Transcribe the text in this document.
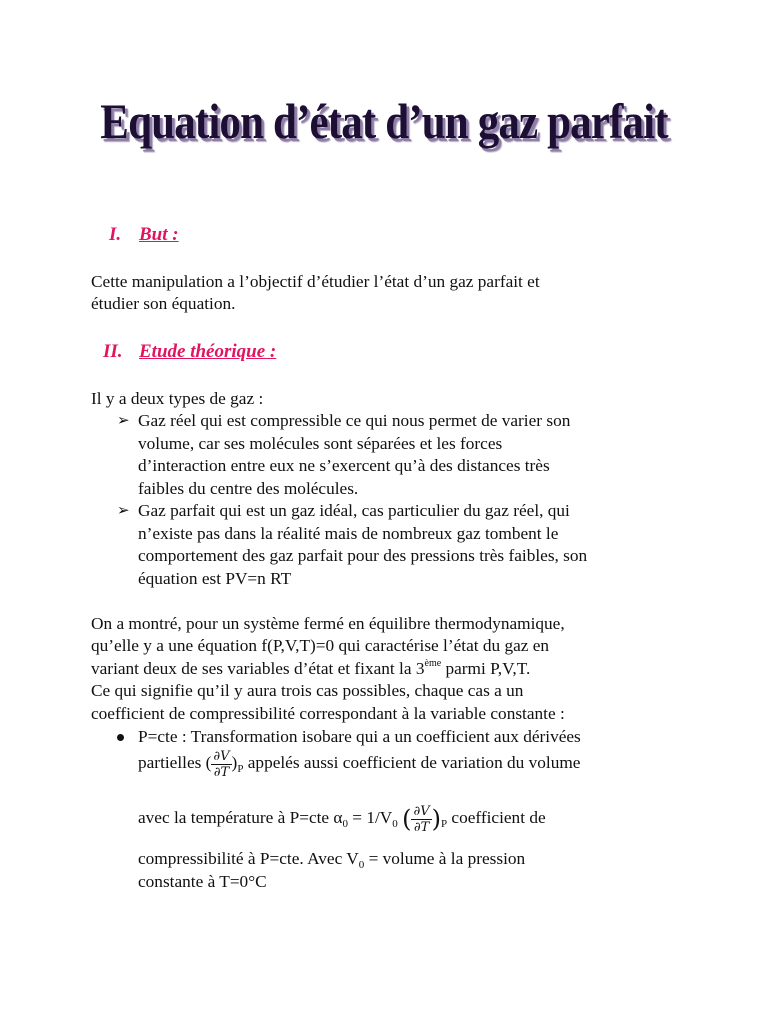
Equation d’état d’un gaz parfait
I. But :
Cette manipulation a l’objectif d’étudier l’état d’un gaz parfait et
étudier son équation.
II. Etude théorique :
Il y a deux types de gaz :
➢ Gaz réel qui est compressible ce qui nous permet de varier son
volume, car ses molécules sont séparées et les forces
d’interaction entre eux ne s’exercent qu’à des distances très
faibles du centre des molécules.
➢ Gaz parfait qui est un gaz idéal, cas particulier du gaz réel, qui
n’existe pas dans la réalité mais de nombreux gaz tombent le
comportement des gaz parfait pour des pressions très faibles, son
équation est PV=n RT
On a montré, pour un système fermé en équilibre thermodynamique,
qu’elle y a une équation f(P,V,T)=0 qui caractérise l’état du gaz en
variant deux de ses variables d’état et fixant la 3ème parmi P,V,T.
Ce qui signifie qu’il y aura trois cas possibles, chaque cas a un
coefficient de compressibilité correspondant à la variable constante :
P=cte : Transformation isobare qui a un coefficient aux dérivées
partielles ( $\frac{\partial V}{\partial T} )_P$ appelés aussi coefficient de variation du volume
avec la température à P=cte $\alpha_0 = 1/V_0$ ( $\frac{\partial V}{\partial T} )_P$ coefficient de
compressibilité à P=cte. Avec $V_0$ = volume à la pression
constante à T=0°C
